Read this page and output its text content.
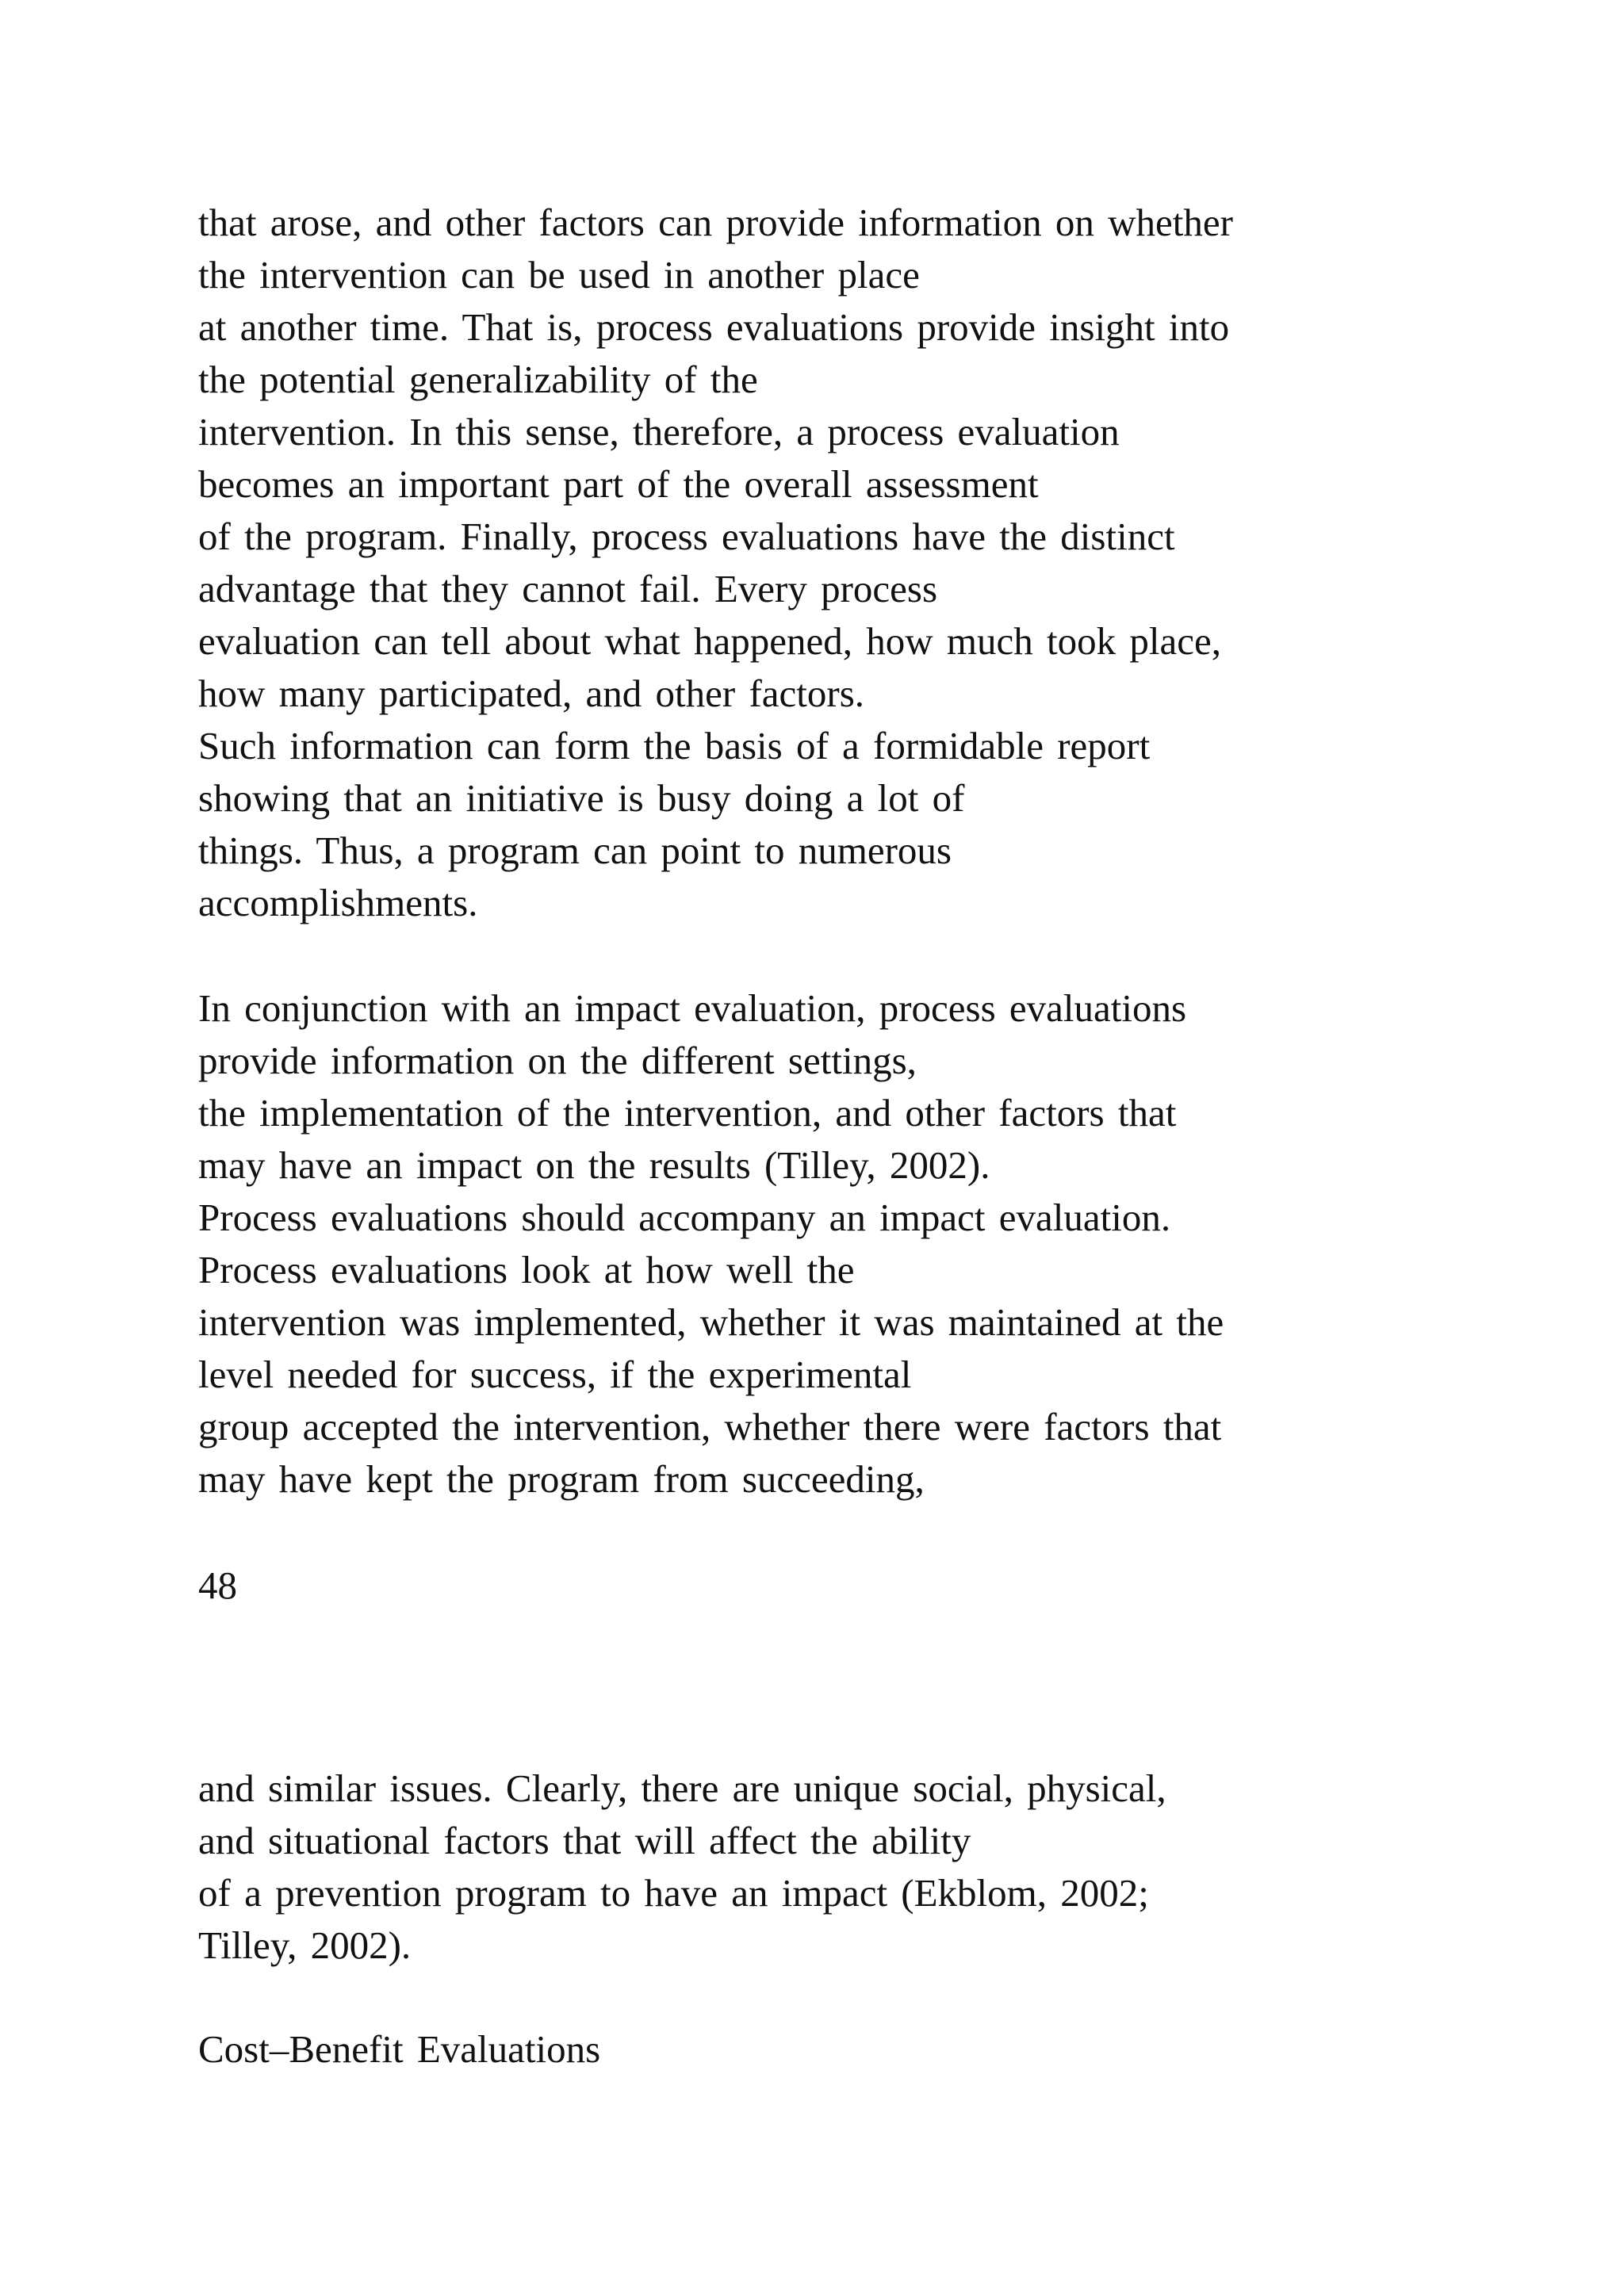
that arose, and other factors can provide information on whether
the intervention can be used in another place
at another time. That is, process evaluations provide insight into
the potential generalizability of the
intervention. In this sense, therefore, a process evaluation
becomes an important part of the overall assessment
of the program. Finally, process evaluations have the distinct
advantage that they cannot fail. Every process
evaluation can tell about what happened, how much took place,
how many participated, and other factors.
Such information can form the basis of a formidable report
showing that an initiative is busy doing a lot of
things. Thus, a program can point to numerous
accomplishments.
In conjunction with an impact evaluation, process evaluations
provide information on the different settings,
the implementation of the intervention, and other factors that
may have an impact on the results (Tilley, 2002).
Process evaluations should accompany an impact evaluation.
Process evaluations look at how well the
intervention was implemented, whether it was maintained at the
level needed for success, if the experimental
group accepted the intervention, whether there were factors that
may have kept the program from succeeding,
48
and similar issues. Clearly, there are unique social, physical,
and situational factors that will affect the ability
of a prevention program to have an impact (Ekblom, 2002;
Tilley, 2002).
Cost–Benefit Evaluations
